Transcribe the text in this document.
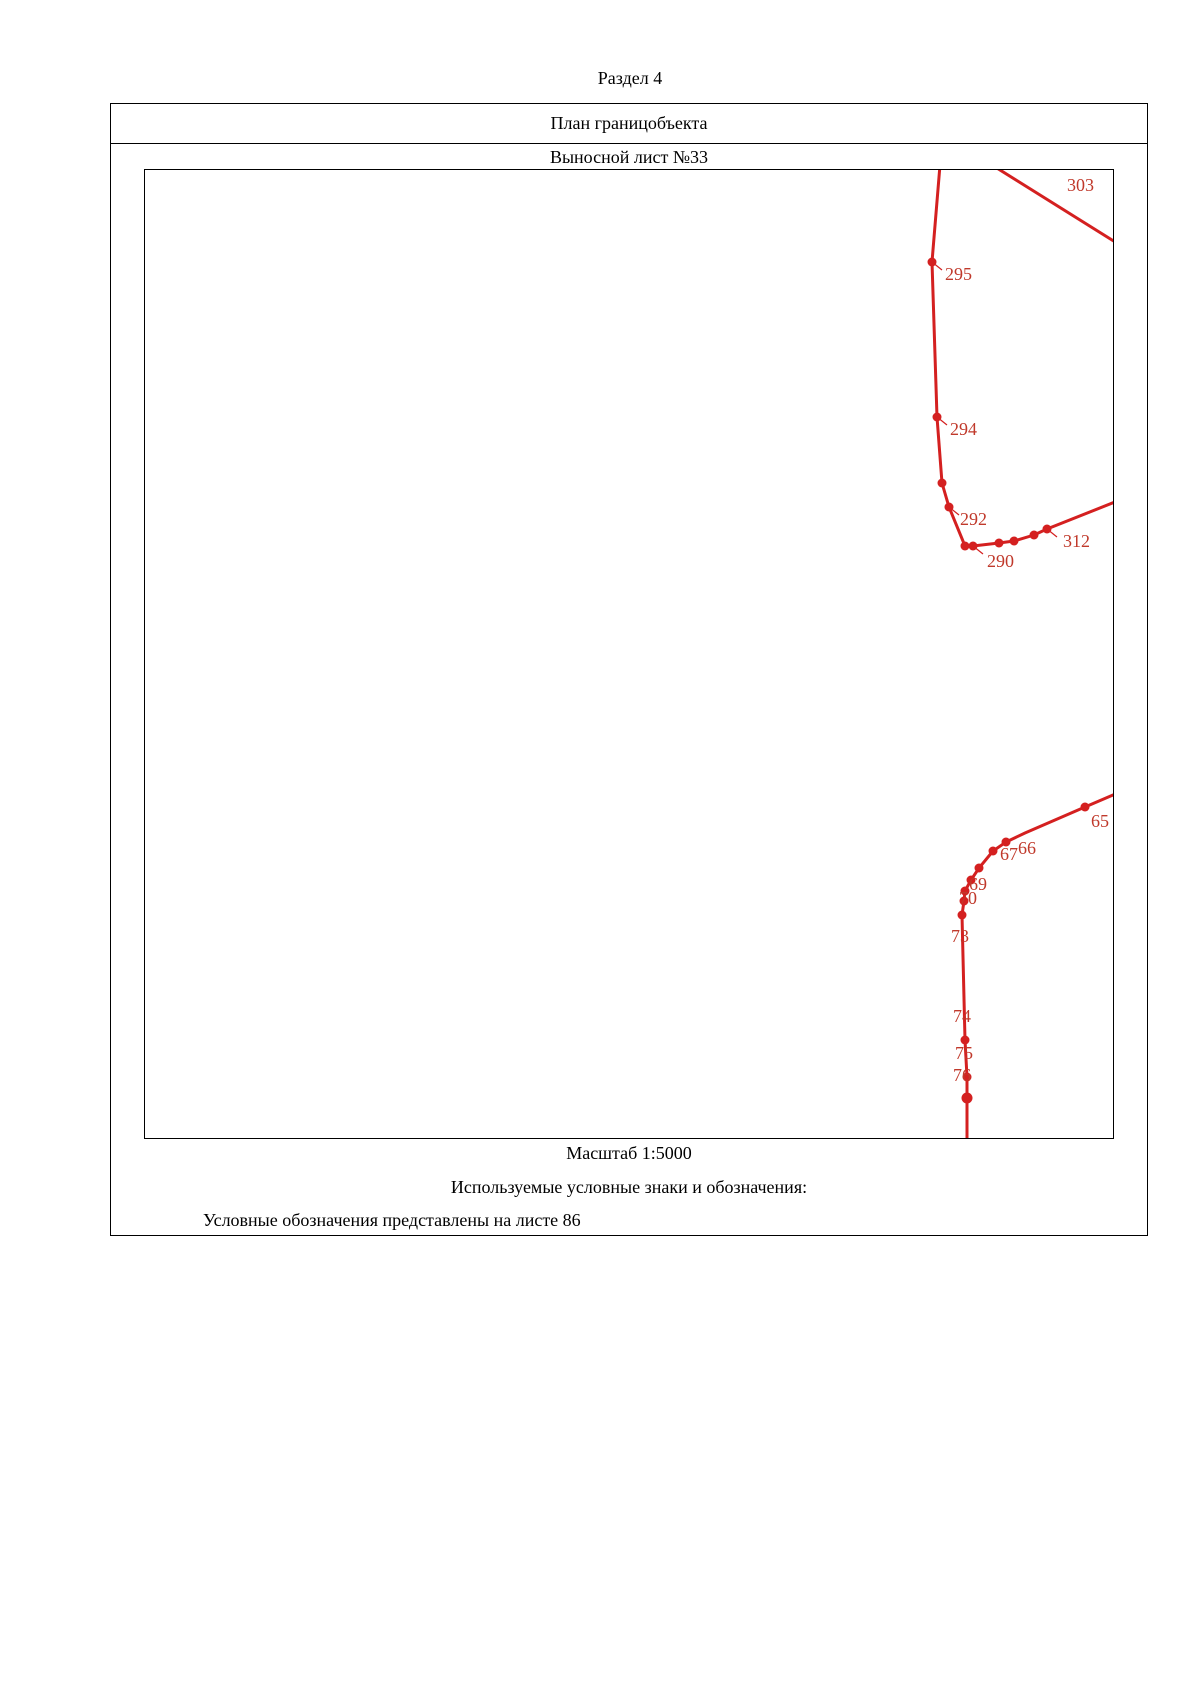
Раздел 4
План границобъекта
Выносной лист №33
303
295
294
292
290
312
65
66
67
69
70
73
74
75
76
Масштаб 1:5000
Используемые условные знаки и обозначения:
Условные обозначения представлены на листе 86
